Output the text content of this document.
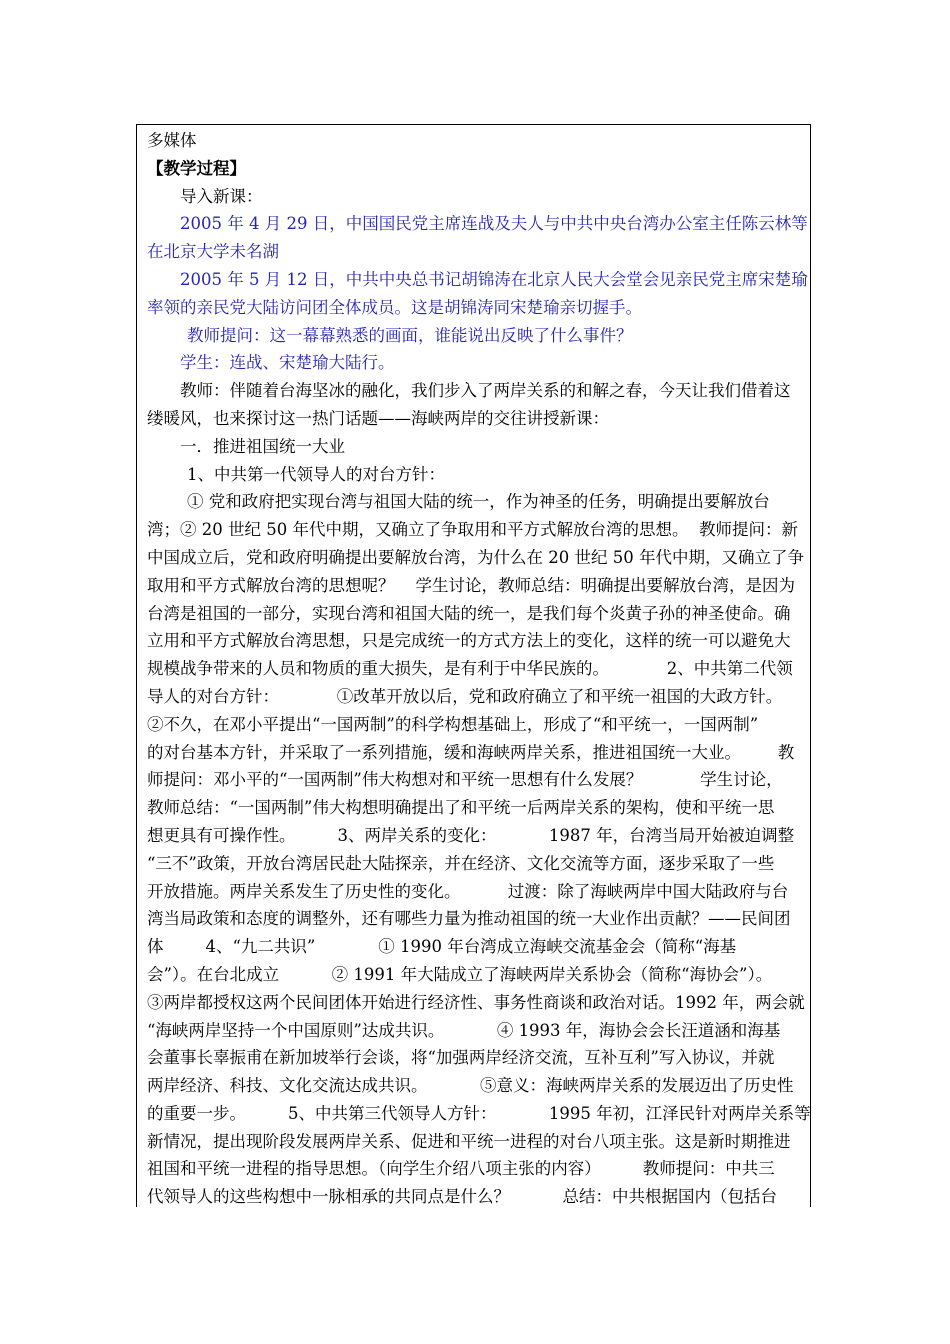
多媒体
【教学过程】
导入新课：
2005 年 4 月 29 日，中国国民党主席连战及夫人与中共中央台湾办公室主任陈云林等
在北京大学未名湖
2005 年 5 月 12 日，中共中央总书记胡锦涛在北京人民大会堂会见亲民党主席宋楚瑜
率领的亲民党大陆访问团全体成员。这是胡锦涛同宋楚瑜亲切握手。
教师提问：这一幕幕熟悉的画面，谁能说出反映了什么事件？
学生：连战、宋楚瑜大陆行。
教师：伴随着台海坚冰的融化，我们步入了两岸关系的和解之春，今天让我们借着这
缕暖风，也来探讨这一热门话题——海峡两岸的交往讲授新课：
一．推进祖国统一大业
1、中共第一代领导人的对台方针：
① 党和政府把实现台湾与祖国大陆的统一，作为神圣的任务，明确提出要解放台
湾；② 20 世纪 50 年代中期，又确立了争取用和平方式解放台湾的思想。  教师提问：新
中国成立后，党和政府明确提出要解放台湾，为什么在 20 世纪 50 年代中期，又确立了争
取用和平方式解放台湾的思想呢？    学生讨论，教师总结：明确提出要解放台湾，是因为
台湾是祖国的一部分，实现台湾和祖国大陆的统一，是我们每个炎黄子孙的神圣使命。确
立用和平方式解放台湾思想，只是完成统一的方式方法上的变化，这样的统一可以避免大
规模战争带来的人员和物质的重大损失，是有利于中华民族的。           2、中共第二代领
导人的对台方针：           ①改革开放以后，党和政府确立了和平统一祖国的大政方针。
②不久，在邓小平提出“一国两制”的科学构想基础上，形成了“和平统一，一国两制”
的对台基本方针，并采取了一系列措施，缓和海峡两岸关系，推进祖国统一大业。       教
师提问：邓小平的“一国两制”伟大构想对和平统一思想有什么发展？           学生讨论，
教师总结：“一国两制”伟大构想明确提出了和平统一后两岸关系的架构，使和平统一思
想更具有可操作性。        3、两岸关系的变化：          1987 年，台湾当局开始被迫调整
“三不”政策，开放台湾居民赴大陆探亲，并在经济、文化交流等方面，逐步采取了一些
开放措施。两岸关系发生了历史性的变化。         过渡：除了海峡两岸中国大陆政府与台
湾当局政策和态度的调整外，还有哪些力量为推动祖国的统一大业作出贡献？——民间团
体        4、“九二共识”            ① 1990 年台湾成立海峡交流基金会（简称“海基
会”）。在台北成立          ② 1991 年大陆成立了海峡两岸关系协会（简称“海协会”）。
③两岸都授权这两个民间团体开始进行经济性、事务性商谈和政治对话。1992 年，两会就
“海峡两岸坚持一个中国原则”达成共识。          ④ 1993 年，海协会会长汪道涵和海基
会董事长辜振甫在新加坡举行会谈，将“加强两岸经济交流，互补互利”写入协议，并就
两岸经济、科技、文化交流达成共识。          ⑤意义：海峡两岸关系的发展迈出了历史性
的重要一步。        5、中共第三代领导人方针：          1995 年初，江泽民针对两岸关系等
新情况，提出现阶段发展两岸关系、促进和平统一进程的对台八项主张。这是新时期推进
祖国和平统一进程的指导思想。（向学生介绍八项主张的内容）        教师提问：中共三
代领导人的这些构想中一脉相承的共同点是什么？          总结：中共根据国内（包括台
